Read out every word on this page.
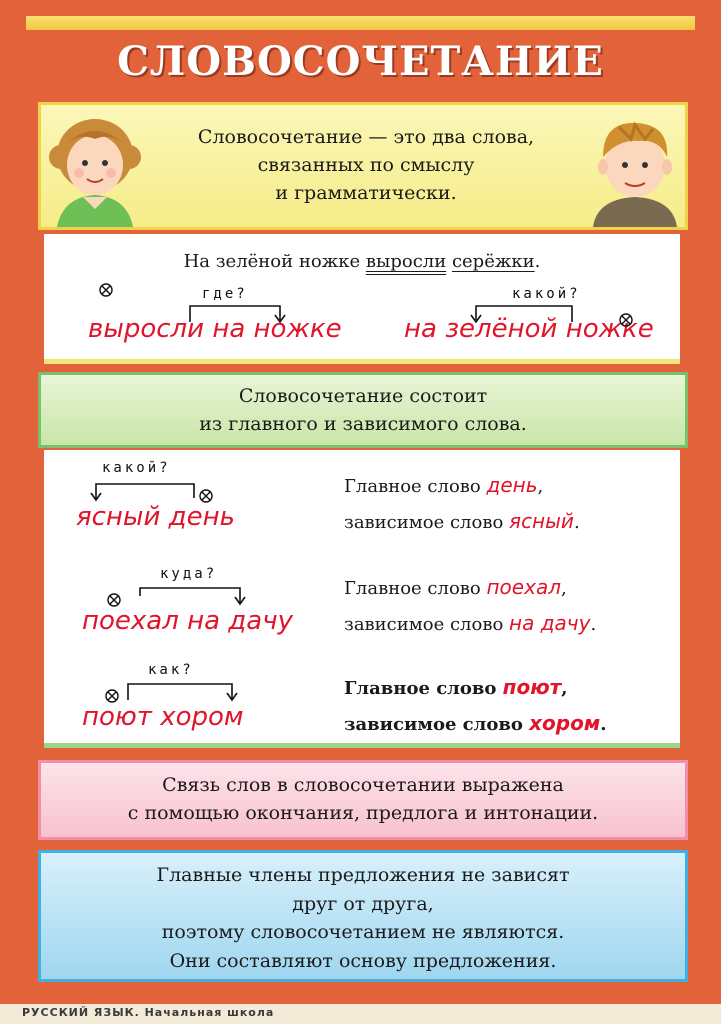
СЛОВОСОЧЕТАНИЕ
Словосочетание — это два слова,
связанных по смыслу
и грамматически.
На зелёной ножке выросли серёжки.
где?
выросли на ножке
какой?
на зелёной ножке
Словосочетание состоит
из главного и зависимого слова.
какой?
ясный день
Главное слово день,
зависимое слово ясный.
куда?
поехал на дачу
Главное слово поехал,
зависимое слово на дачу.
как?
поют хором
Главное слово поют,
зависимое слово хором.
Связь слов в словосочетании выражена
с помощью окончания, предлога и интонации.
Главные члены предложения не зависят
друг от друга,
поэтому словосочетанием не являются.
Они составляют основу предложения.
РУССКИЙ ЯЗЫК. Начальная школа
